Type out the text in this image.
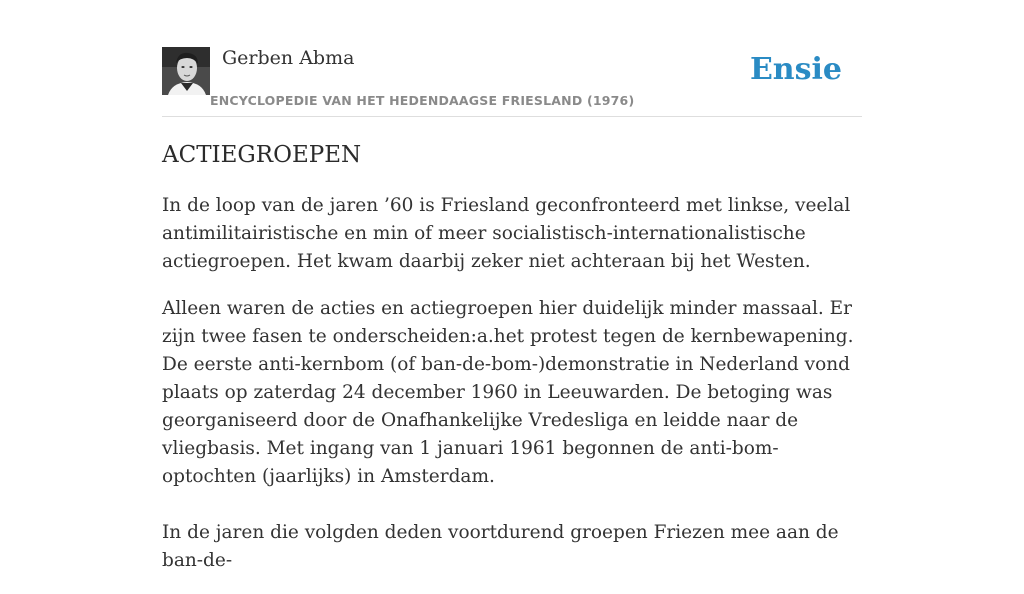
Gerben Abma
ENCYCLOPEDIE VAN HET HEDENDAAGSE FRIESLAND (1976)
Ensie
ACTIEGROEPEN

In de loop van de jaren ’60 is Friesland geconfronteerd met linkse, veelal antimilitairistische en min of meer socialistisch-internationalistische actiegroepen. Het kwam daarbij zeker niet achteraan bij het Westen.

Alleen waren de acties en actiegroepen hier duidelijk minder massaal. Er zijn twee fasen te onderscheiden:a.het protest tegen de kernbewapening. De eerste anti-kernbom (of ban-de-bom-)demonstratie in Nederland vond plaats op zaterdag 24 december 1960 in Leeuwarden. De betoging was georganiseerd door de Onafhankelijke Vredesliga en leidde naar de vliegbasis. Met ingang van 1 januari 1961 begonnen de anti-bom-optochten (jaarlijks) in Amsterdam.

In de jaren die volgden deden voortdurend groepen Friezen mee aan de ban-de-
